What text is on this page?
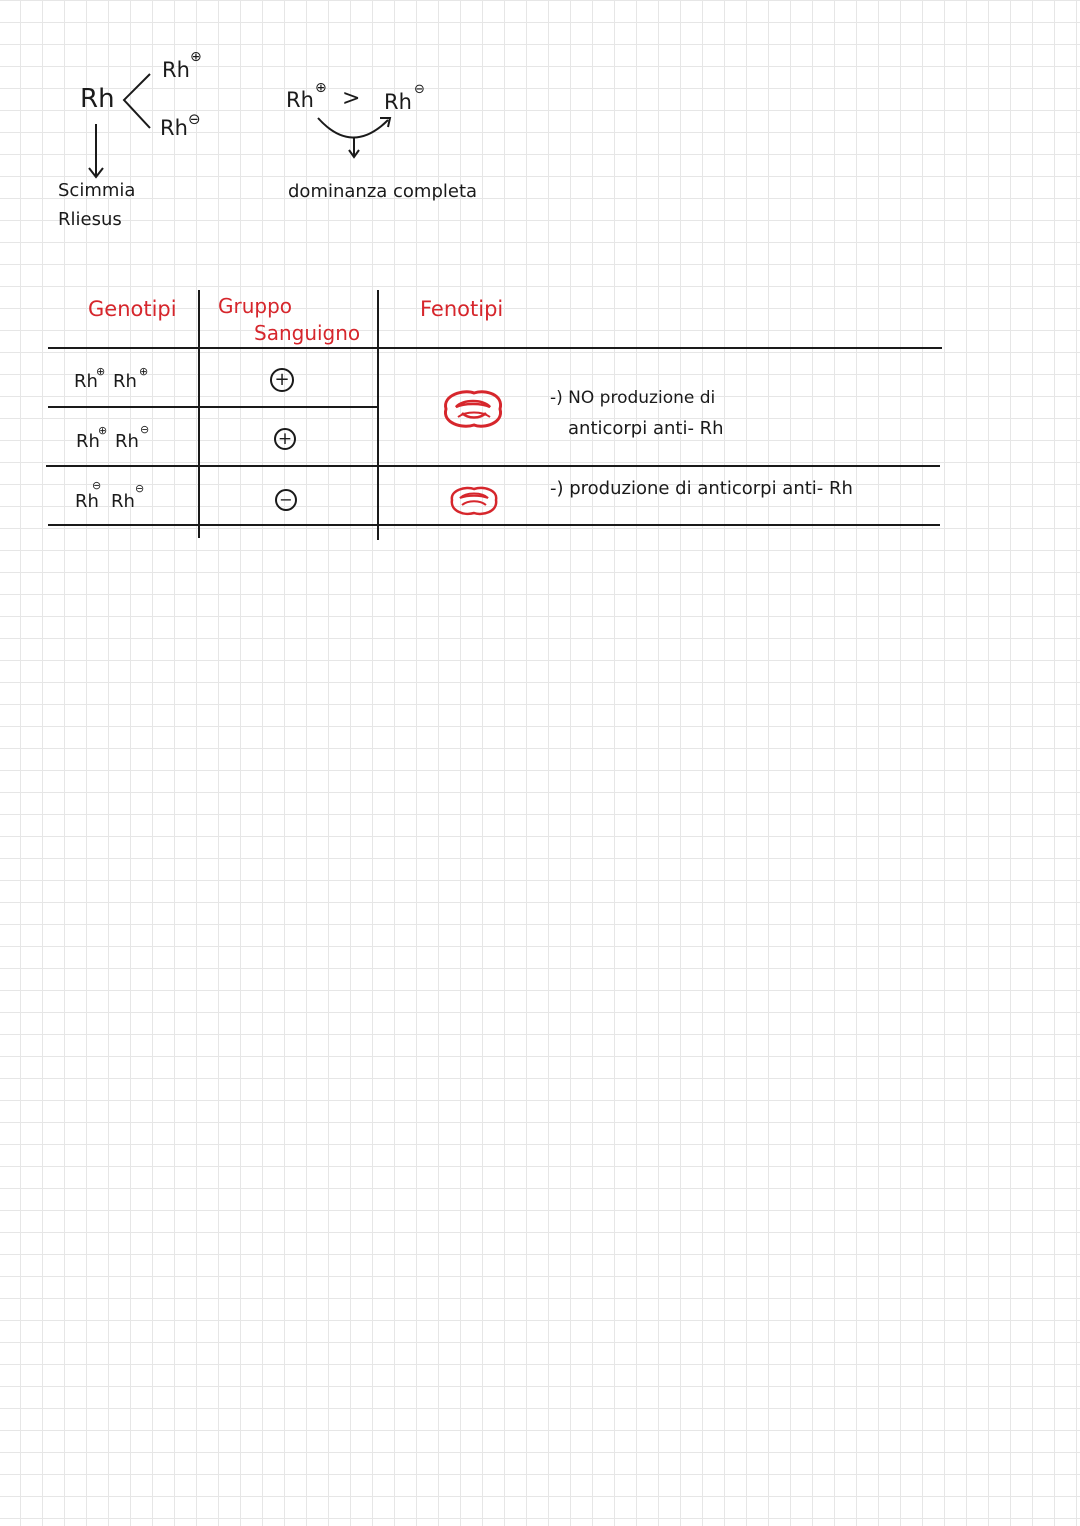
Rh
Rh
⊕
Rh ⊖
Scimmia
Rliesus
Rh ⊕ > Rh
⊖
dominanza completa
Genotipi Gruppo
Sanguigno
Fenotipi
Rh
⊕ Rh ⊕	+
Rh
⊕
Rh
⊖	+
Rh
⊖
Rh
⊖
−
-) NO produzione di
anticorpi anti- Rh
-) produzione di anticorpi anti- Rh
